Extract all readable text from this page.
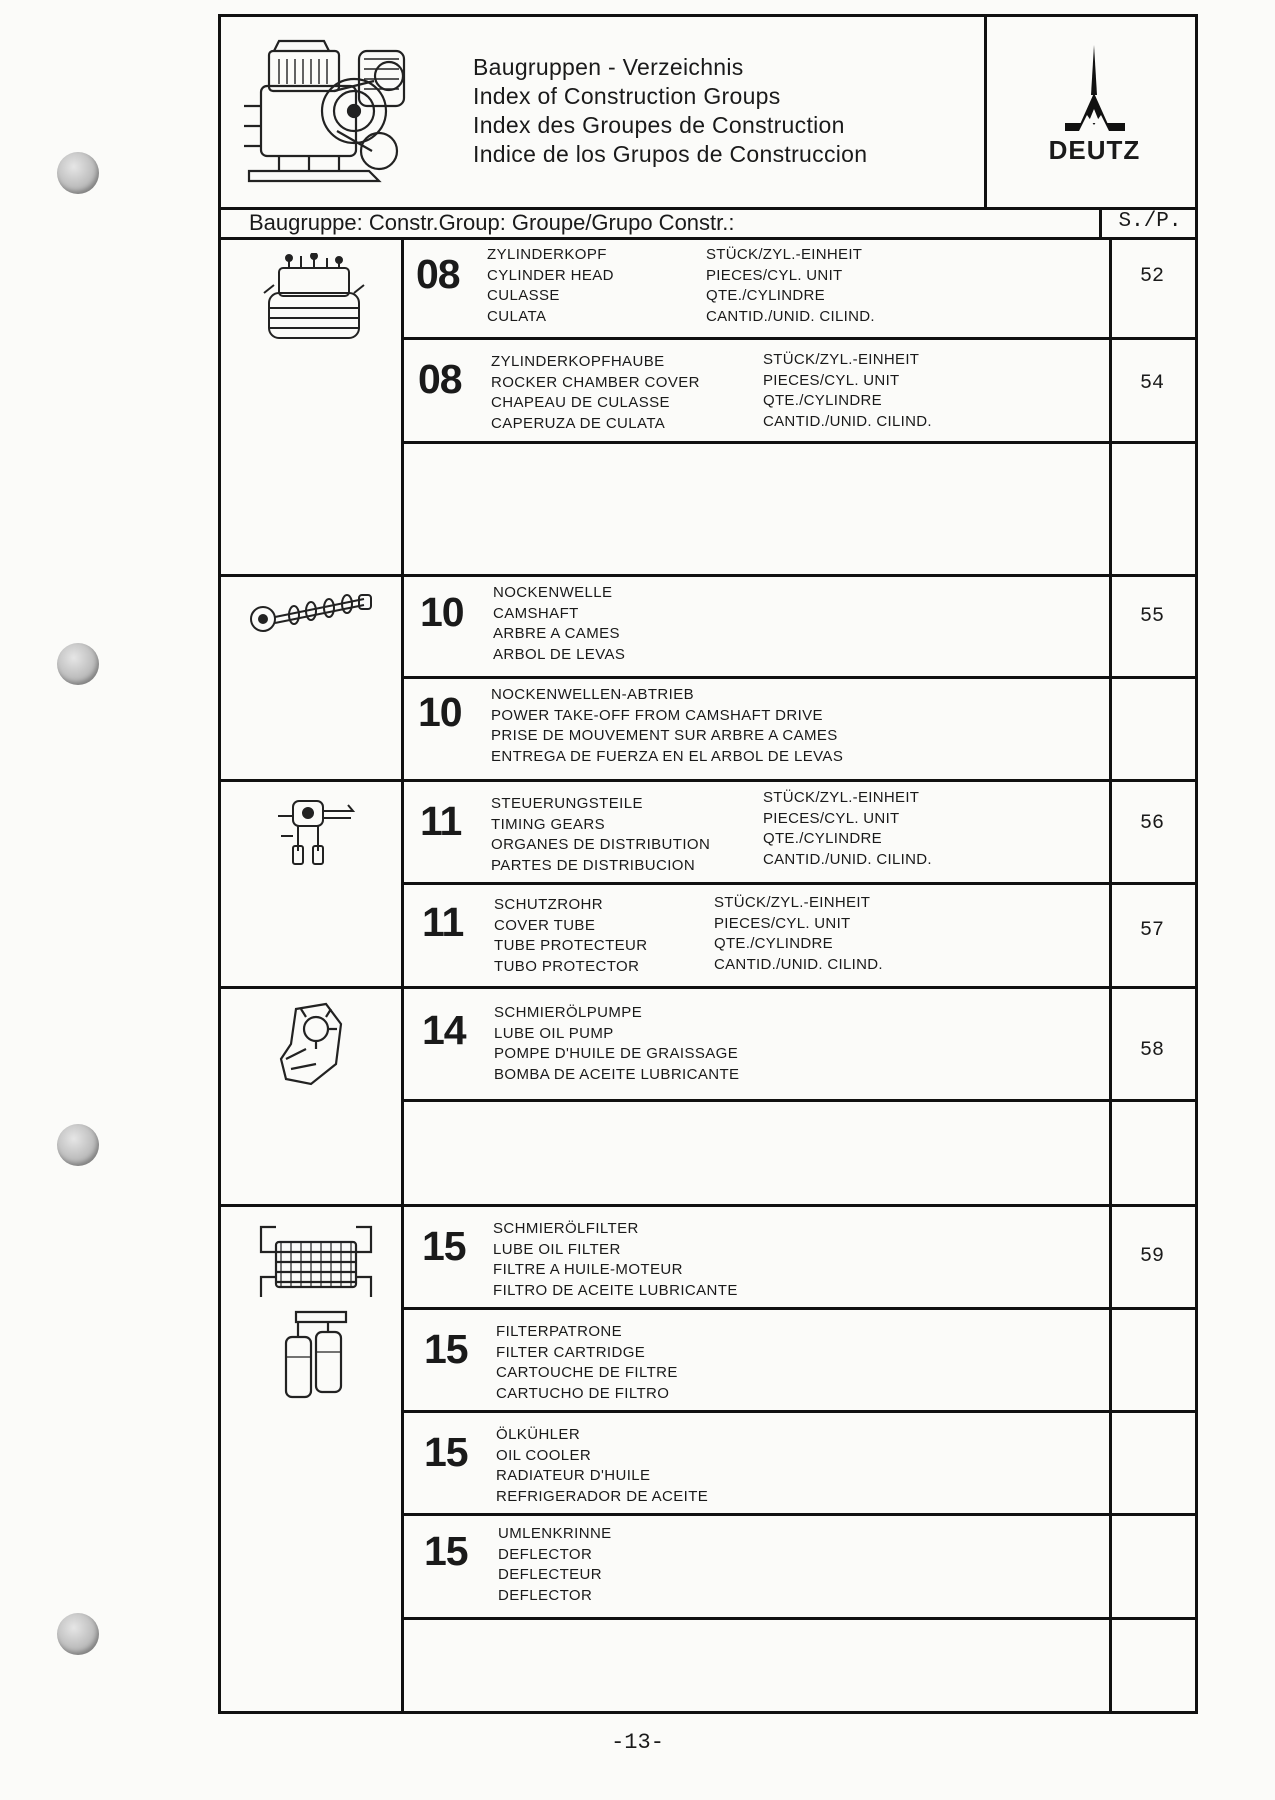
Baugruppen - Verzeichnis
Index of Construction Groups
Index des Groupes de Construction
Indice de los Grupos de Construccion	DEUTZ
Baugruppe: Constr.Group: Groupe/Grupo Constr.:	S./P.
08 ZYLINDERKOPF
CYLINDER HEAD
CULASSE
CULATA
STÜCK/ZYL.-EINHEIT
PIECES/CYL. UNIT
QTE./CYLINDRE
CANTID./UNID. CILIND.
52
08 ZYLINDERKOPFHAUBE
ROCKER CHAMBER COVER
CHAPEAU DE CULASSE
CAPERUZA DE CULATA
STÜCK/ZYL.-EINHEIT
PIECES/CYL. UNIT
QTE./CYLINDRE
CANTID./UNID. CILIND.
54
10 NOCKENWELLE
CAMSHAFT
ARBRE A CAMES
ARBOL DE LEVAS
55
10 NOCKENWELLEN-ABTRIEB
POWER TAKE-OFF FROM CAMSHAFT DRIVE
PRISE DE MOUVEMENT SUR ARBRE A CAMES
ENTREGA DE FUERZA EN EL ARBOL DE LEVAS
11 STEUERUNGSTEILE
TIMING GEARS
ORGANES DE DISTRIBUTION
PARTES DE DISTRIBUCION
STÜCK/ZYL.-EINHEIT
PIECES/CYL. UNIT
QTE./CYLINDRE
CANTID./UNID. CILIND.
56
11 SCHUTZROHR
COVER TUBE
TUBE PROTECTEUR
TUBO PROTECTOR
STÜCK/ZYL.-EINHEIT
PIECES/CYL. UNIT
QTE./CYLINDRE
CANTID./UNID. CILIND.
57
14 SCHMIERÖLPUMPE
LUBE OIL PUMP
POMPE D'HUILE DE GRAISSAGE
BOMBA DE ACEITE LUBRICANTE
58
15 SCHMIERÖLFILTER
LUBE OIL FILTER
FILTRE A HUILE-MOTEUR
FILTRO DE ACEITE LUBRICANTE
59
15 FILTERPATRONE
FILTER CARTRIDGE
CARTOUCHE DE FILTRE
CARTUCHO DE FILTRO
15 ÖLKÜHLER
OIL COOLER
RADIATEUR D'HUILE
REFRIGERADOR DE ACEITE
15 UMLENKRINNE
DEFLECTOR
DEFLECTEUR
DEFLECTOR
-13-
